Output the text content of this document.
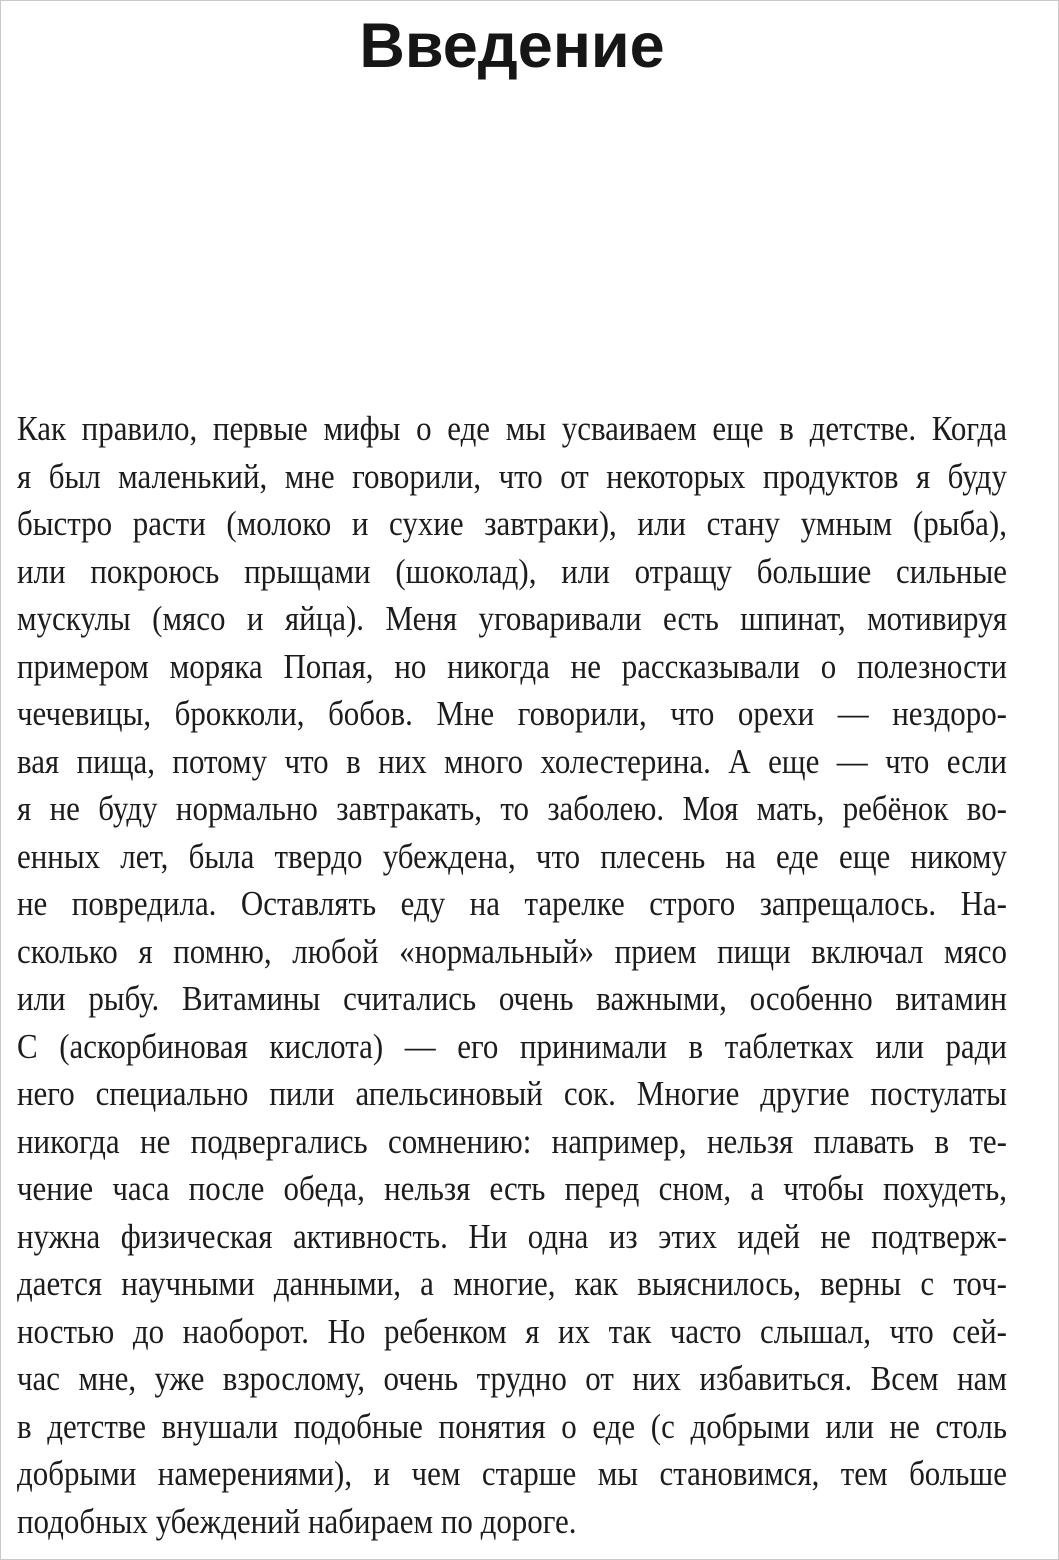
Введение
Как правило, первые мифы о еде мы усваиваем еще в детстве. Когда
я был маленький, мне говорили, что от некоторых продуктов я буду
быстро расти (молоко и сухие завтраки), или стану умным (рыба),
или покроюсь прыщами (шоколад), или отращу большие сильные
мускулы (мясо и яйца). Меня уговаривали есть шпинат, мотивируя
примером моряка Попая, но никогда не рассказывали о полезности
чечевицы, брокколи, бобов. Мне говорили, что орехи — нездоро-
вая пища, потому что в них много холестерина. А еще — что если
я не буду нормально завтракать, то заболею. Моя мать, ребёнок во-
енных лет, была твердо убеждена, что плесень на еде еще никому
не повредила. Оставлять еду на тарелке строго запрещалось. На-
сколько я помню, любой «нормальный» прием пищи включал мясо
или рыбу. Витамины считались очень важными, особенно витамин
С (аскорбиновая кислота) — его принимали в таблетках или ради
него специально пили апельсиновый сок. Многие другие постулаты
никогда не подвергались сомнению: например, нельзя плавать в те-
чение часа после обеда, нельзя есть перед сном, а чтобы похудеть,
нужна физическая активность. Ни одна из этих идей не подтверж-
дается научными данными, а многие, как выяснилось, верны с точ-
ностью до наоборот. Но ребенком я их так часто слышал, что сей-
час мне, уже взрослому, очень трудно от них избавиться. Всем нам
в детстве внушали подобные понятия о еде (с добрыми или не столь
добрыми намерениями), и чем старше мы становимся, тем больше
подобных убеждений набираем по дороге.
